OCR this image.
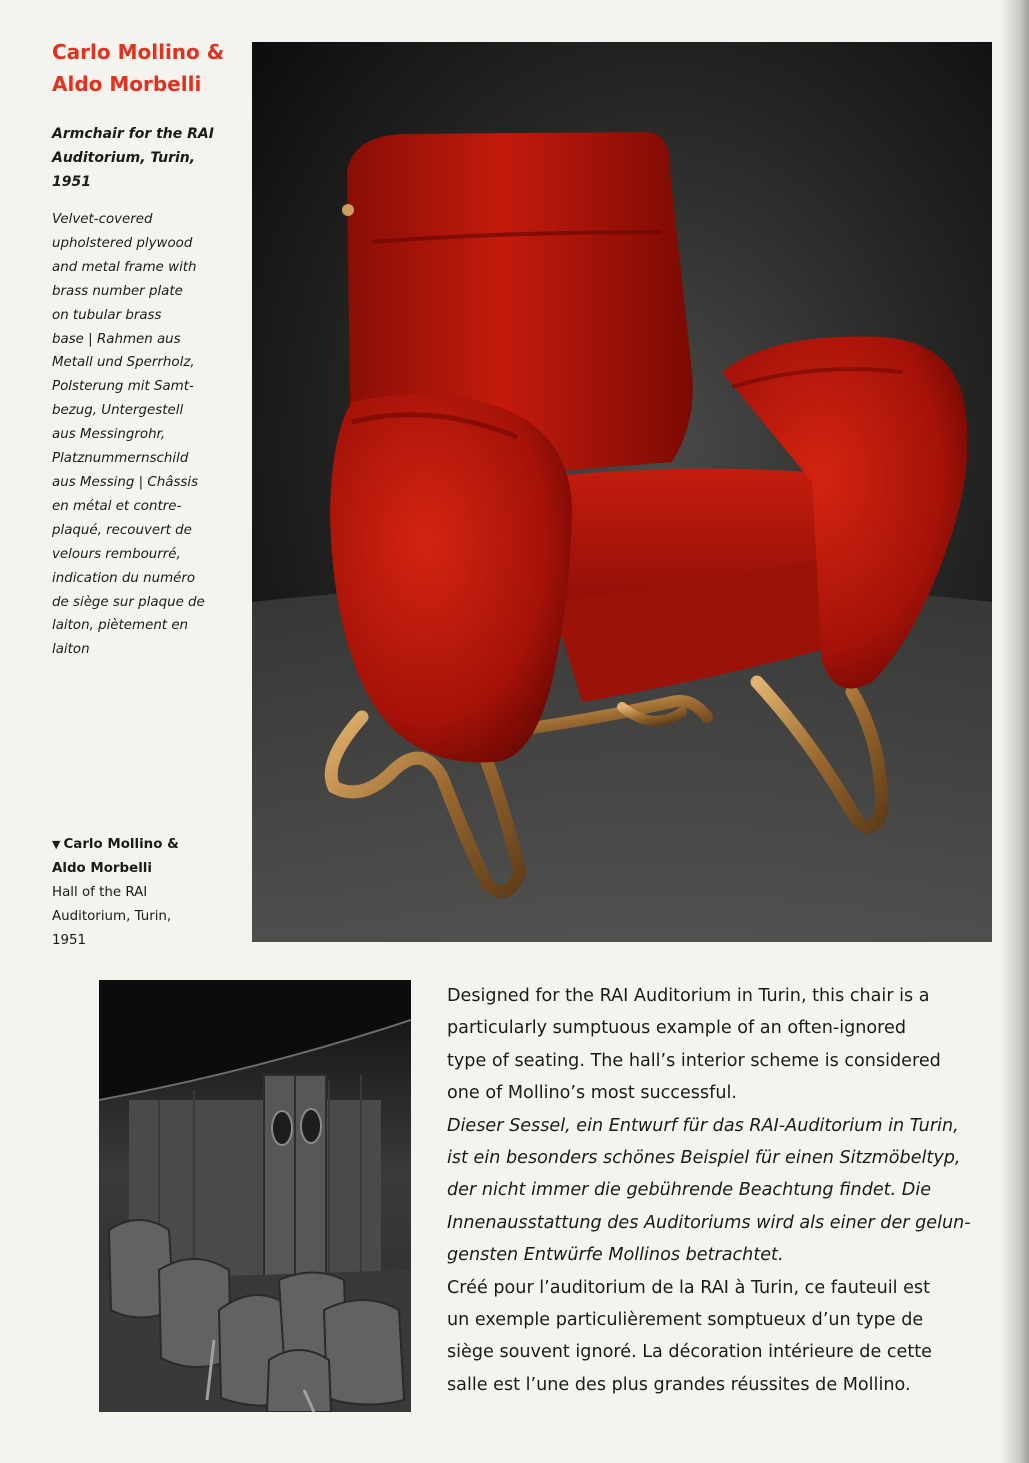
Carlo Mollino &
Aldo Morbelli
Armchair for the RAI
Auditorium, Turin,
1951
Velvet-covered
upholstered plywood
and metal frame with
brass number plate
on tubular brass
base | Rahmen aus
Metall und Sperrholz,
Polsterung mit Samt-
bezug, Untergestell
aus Messingrohr,
Platznummernschild
aus Messing | Châssis
en métal et contre-
plaqué, recouvert de
velours rembourré,
indication du numéro
de siège sur plaque de
laiton, piètement en
laiton
▼ Carlo Mollino &
Aldo Morbelli
Hall of the RAI
Auditorium, Turin,
1951
Designed for the RAI Auditorium in Turin, this chair is a
particularly sumptuous example of an often-ignored
type of seating. The hall’s interior scheme is considered
one of Mollino’s most successful.
Dieser Sessel, ein Entwurf für das RAI-Auditorium in Turin,
ist ein besonders schönes Beispiel für einen Sitzmöbeltyp,
der nicht immer die gebührende Beachtung findet. Die
Innenausstattung des Auditoriums wird als einer der gelun-
gensten Entwürfe Mollinos betrachtet.
Créé pour l’auditorium de la RAI à Turin, ce fauteuil est
un exemple particulièrement somptueux d’un type de
siège souvent ignoré. La décoration intérieure de cette
salle est l’une des plus grandes réussites de Mollino.
